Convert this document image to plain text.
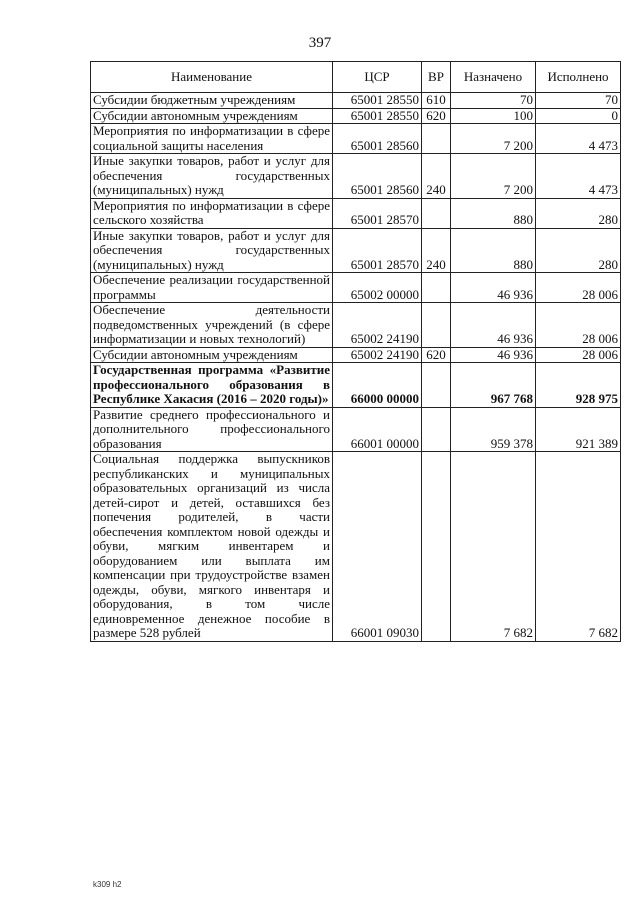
397
Наименование	ЦСР	ВР	Назначено	Исполнено
Субсидии бюджетным учреждениям	65001 28550	610	70	70
Субсидии автономным учреждениям	65001 28550	620	100	0
Мероприятия по информатизации в сфере социальной защиты населения	65001 28560		7 200	4 473
Иные закупки товаров, работ и услуг для обеспечения государственных (муниципальных) нужд	65001 28560	240	7 200	4 473
Мероприятия по информатизации в сфере сельского хозяйства	65001 28570		880	280
Иные закупки товаров, работ и услуг для обеспечения государственных (муниципальных) нужд	65001 28570	240	880	280
Обеспечение реализации государственной программы	65002 00000		46 936	28 006
Обеспечение деятельности подведомственных учреждений (в сфере информатизации и новых технологий)	65002 24190		46 936	28 006
Субсидии автономным учреждениям	65002 24190	620	46 936	28 006
Государственная программа «Развитие профессионального образования в Республике Хакасия (2016 – 2020 годы)»	66000 00000		967 768	928 975
Развитие среднего профессионального и дополнительного профессионального образования	66001 00000		959 378	921 389
Социальная поддержка выпускников республиканских и муниципальных образовательных организаций из числа детей-сирот и детей, оставшихся без попечения родителей, в части обеспечения комплектом новой одежды и обуви, мягким инвентарем и оборудованием или выплата им компенсации при трудоустройстве взамен одежды, обуви, мягкого инвентаря и оборудования, в том числе единовременное денежное пособие в размере 528 рублей	66001 09030		7 682	7 682
k309 h2
